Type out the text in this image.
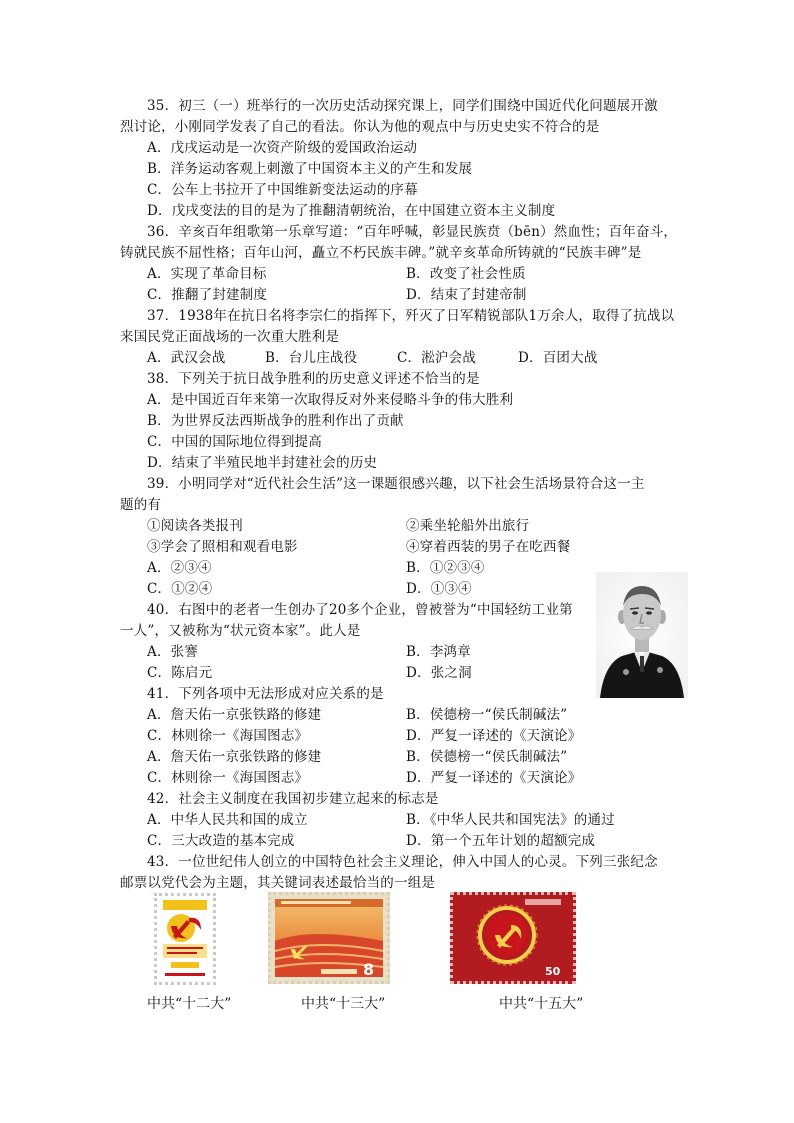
35．初三（一）班举行的一次历史活动探究课上，同学们围绕中国近代化问题展开激
烈讨论，小刚同学发表了自己的看法。你认为他的观点中与历史史实不符合的是
A．戊戌运动是一次资产阶级的爱国政治运动
B．洋务运动客观上刺激了中国资本主义的产生和发展
C．公车上书拉开了中国维新变法运动的序幕
D．戊戌变法的目的是为了推翻清朝统治，在中国建立资本主义制度
36．辛亥百年组歌第一乐章写道：“百年呼喊，彰显民族贲（bēn）然血性；百年奋斗，
铸就民族不屈性格；百年山河，矗立不朽民族丰碑。”就辛亥革命所铸就的“民族丰碑”是
A．实现了革命目标	B．改变了社会性质
C．推翻了封建制度	D．结束了封建帝制
37．1938年在抗日名将李宗仁的指挥下，歼灭了日军精锐部队1万余人，取得了抗战以
来国民党正面战场的一次重大胜利是
A．武汉会战	B．台儿庄战役	C．淞沪会战	D．百团大战
38．下列关于抗日战争胜利的历史意义评述不恰当的是
A．是中国近百年来第一次取得反对外来侵略斗争的伟大胜利
B．为世界反法西斯战争的胜利作出了贡献
C．中国的国际地位得到提高
D．结束了半殖民地半封建社会的历史
39．小明同学对“近代社会生活”这一课题很感兴趣，以下社会生活场景符合这一主
题的有
①阅读各类报刊	②乘坐轮船外出旅行
③学会了照相和观看电影	④穿着西装的男子在吃西餐
A．②③④	B．①②③④
C．①②④	D．①③④
40．右图中的老者一生创办了20多个企业，曾被誉为“中国轻纺工业第
一人”，又被称为“状元资本家”。此人是
A．张謇	B．李鸿章
C．陈启元	D．张之洞
41．下列各项中无法形成对应关系的是
A．詹天佑一京张铁路的修建	B．侯德榜一“侯氏制碱法”
C．林则徐一《海国图志》	D．严复一译述的《天演论》
A．詹天佑一京张铁路的修建	B．侯德榜一“侯氏制碱法”
C．林则徐一《海国图志》	D．严复一译述的《天演论》
42．社会主义制度在我国初步建立起来的标志是
A．中华人民共和国的成立	B．《中华人民共和国宪法》的通过
C．三大改造的基本完成	D．第一个五年计划的超额完成
43．一位世纪伟人创立的中国特色社会主义理论，伸入中国人的心灵。下列三张纪念
邮票以党代会为主题，其关键词表述最恰当的一组是
8	50
中共“十二大”	中共“十三大”	中共“十五大”
